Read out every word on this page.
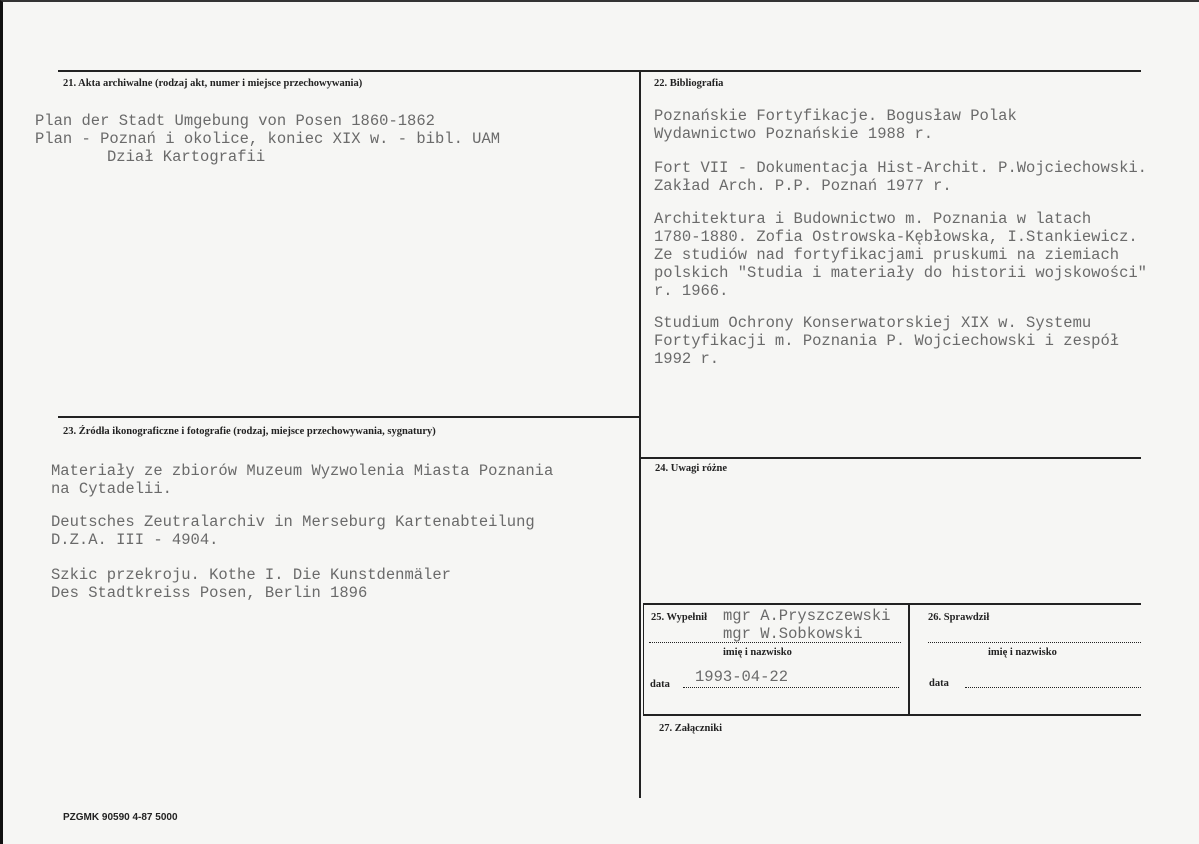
21. Akta archiwalne (rodzaj akt, numer i miejsce przechowywania)
Plan der Stadt Umgebung von Posen 1860-1862
Plan - Poznań i okolice, koniec XIX w. - bibl. UAM
Dział Kartografii
22. Bibliografia
Poznańskie Fortyfikacje. Bogusław Polak
Wydawnictwo Poznańskie 1988 r.
Fort VII - Dokumentacja Hist-Archit. P.Wojciechowski.
Zakład Arch. P.P. Poznań 1977 r.
Architektura i Budownictwo m. Poznania w latach
1780-1880. Zofia Ostrowska-Kębłowska, I.Stankiewicz.
Ze studiów nad fortyfikacjami pruskumi na ziemiach
polskich "Studia i materiały do historii wojskowości"
r. 1966.
Studium Ochrony Konserwatorskiej XIX w. Systemu
Fortyfikacji m. Poznania P. Wojciechowski i zespół
1992 r.
23. Źródła ikonograficzne i fotografie (rodzaj, miejsce przechowywania, sygnatury)
Materiały ze zbiorów Muzeum Wyzwolenia Miasta Poznania
na Cytadelii.
Deutsches Zeutralarchiv in Merseburg Kartenabteilung
D.Z.A. III - 4904.
Szkic przekroju. Kothe I. Die Kunstdenmäler
Des Stadtkreiss Posen, Berlin 1896
24. Uwagi różne
25. Wypełnił mgr A.Pryszczewski
mgr W.Sobkowski
imię i nazwisko
data 1993-04-22
26. Sprawdził
imię i nazwisko
data
27. Załączniki
PZGMK 90590 4-87 5000
